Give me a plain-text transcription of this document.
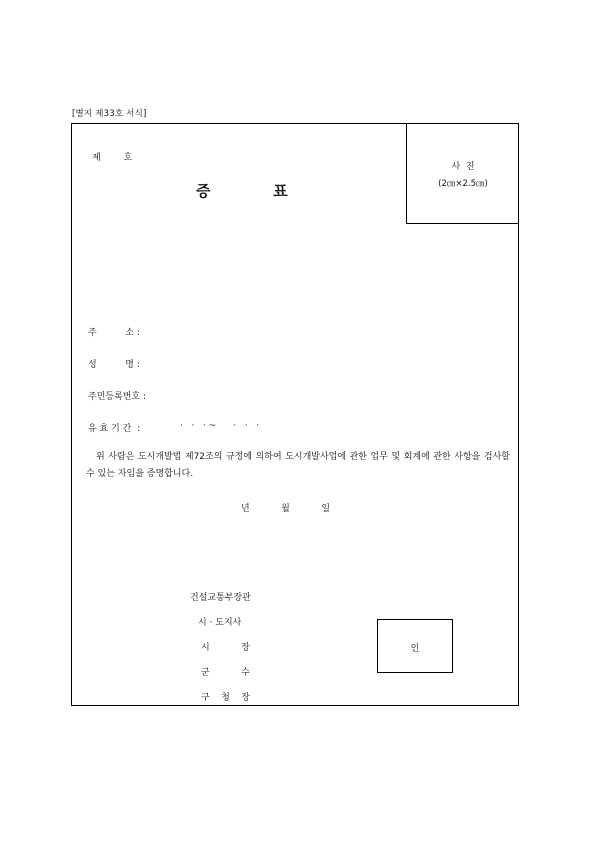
[별지 제33호 서식]
사  진
(2㎝×2.5㎝)
제        호
증            표
주          소 :
성          명 :
주민등록번호 :
유 효 기 간  :	·   ·   · ~      ·   ·   ·
위 사람은 도시개발법 제72조의 규정에 의하여 도시개발사업에 관한 업무 및 회계에 관한 사항을 검사할 수 있는 자임을 증명합니다.
년           월           일
건설교통부장관
시 · 도지사
시           장
군           수
구    청    장
인
